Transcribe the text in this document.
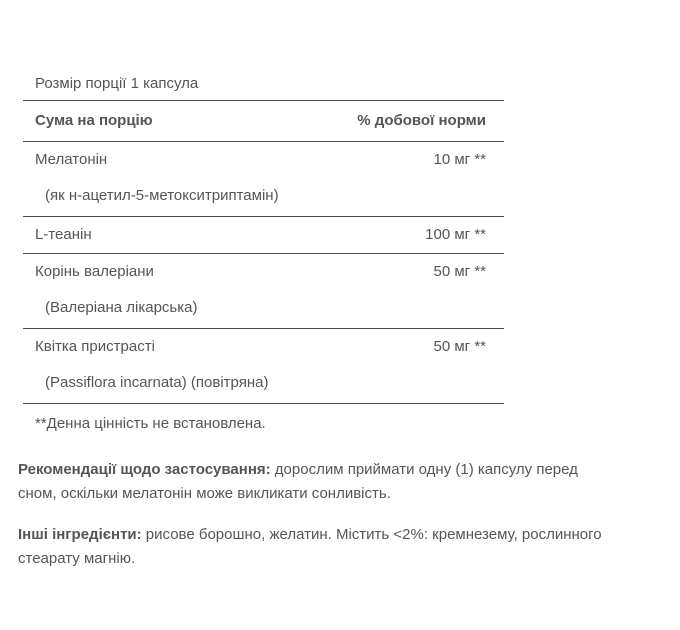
Розмір порції 1 капсула
Сума на порцію	% добової норми
Мелатонін	10 мг **
(як н-ацетил-5-метокситриптамін)
L-теанін	100 мг **
Корінь валеріани	50 мг **
(Валеріана лікарська)
Квітка пристрасті	50 мг **
(Passiflora incarnata) (повітряна)
**Денна цінність не встановлена.

Рекомендації щодо застосування: дорослим приймати одну (1) капсулу перед сном, оскільки мелатонін може викликати сонливість.

Інші інгредієнти: рисове борошно, желатин. Містить <2%: кремнезему, рослинного стеарату магнію.
